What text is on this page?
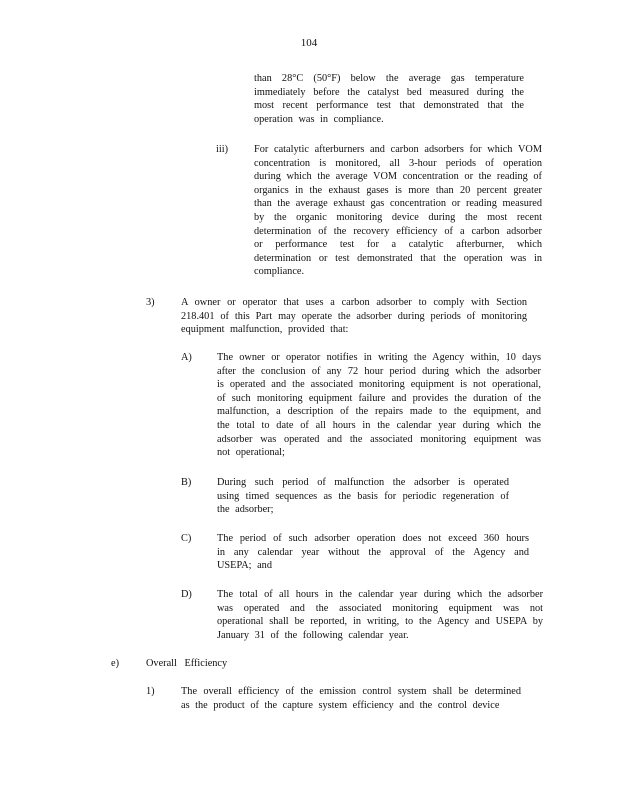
104

than 28°C (50°F) below the average gas temperature immediately before the catalyst bed measured during the most recent performance test that demonstrated that the operation was in compliance.

iii)	For catalytic afterburners and carbon adsorbers for which VOM concentration is monitored, all 3-hour periods of operation during which the average VOM concentration or the reading of organics in the exhaust gases is more than 20 percent greater than the average exhaust gas concentration or reading measured by the organic monitoring device during the most recent determination of the recovery efficiency of a carbon adsorber or performance test for a catalytic afterburner, which determination or test demonstrated that the operation was in compliance.

3)	A owner or operator that uses a carbon adsorber to comply with Section 218.401 of this Part may operate the adsorber during periods of monitoring equipment malfunction, provided that:

A) The owner or operator notifies in writing the Agency within, 10 days after the conclusion of any 72 hour period during which the adsorber is operated and the associated monitoring equipment is not operational, of such monitoring equipment failure and provides the duration of the malfunction, a description of the repairs made to the equipment, and the total to date of all hours in the calendar year during which the adsorber was operated and the associated monitoring equipment was not operational;

B) During such period of malfunction the adsorber is operated using timed sequences as the basis for periodic regeneration of the adsorber;

C) The period of such adsorber operation does not exceed 360 hours in any calendar year without the approval of the Agency and USEPA; and

D) The total of all hours in the calendar year during which the adsorber was operated and the associated monitoring equipment was not operational shall be reported, in writing, to the Agency and USEPA by January 31 of the following calendar year.

e)	Overall Efficiency
1)	The overall efficiency of the emission control system shall be determined as the product of the capture system efficiency and the control device
